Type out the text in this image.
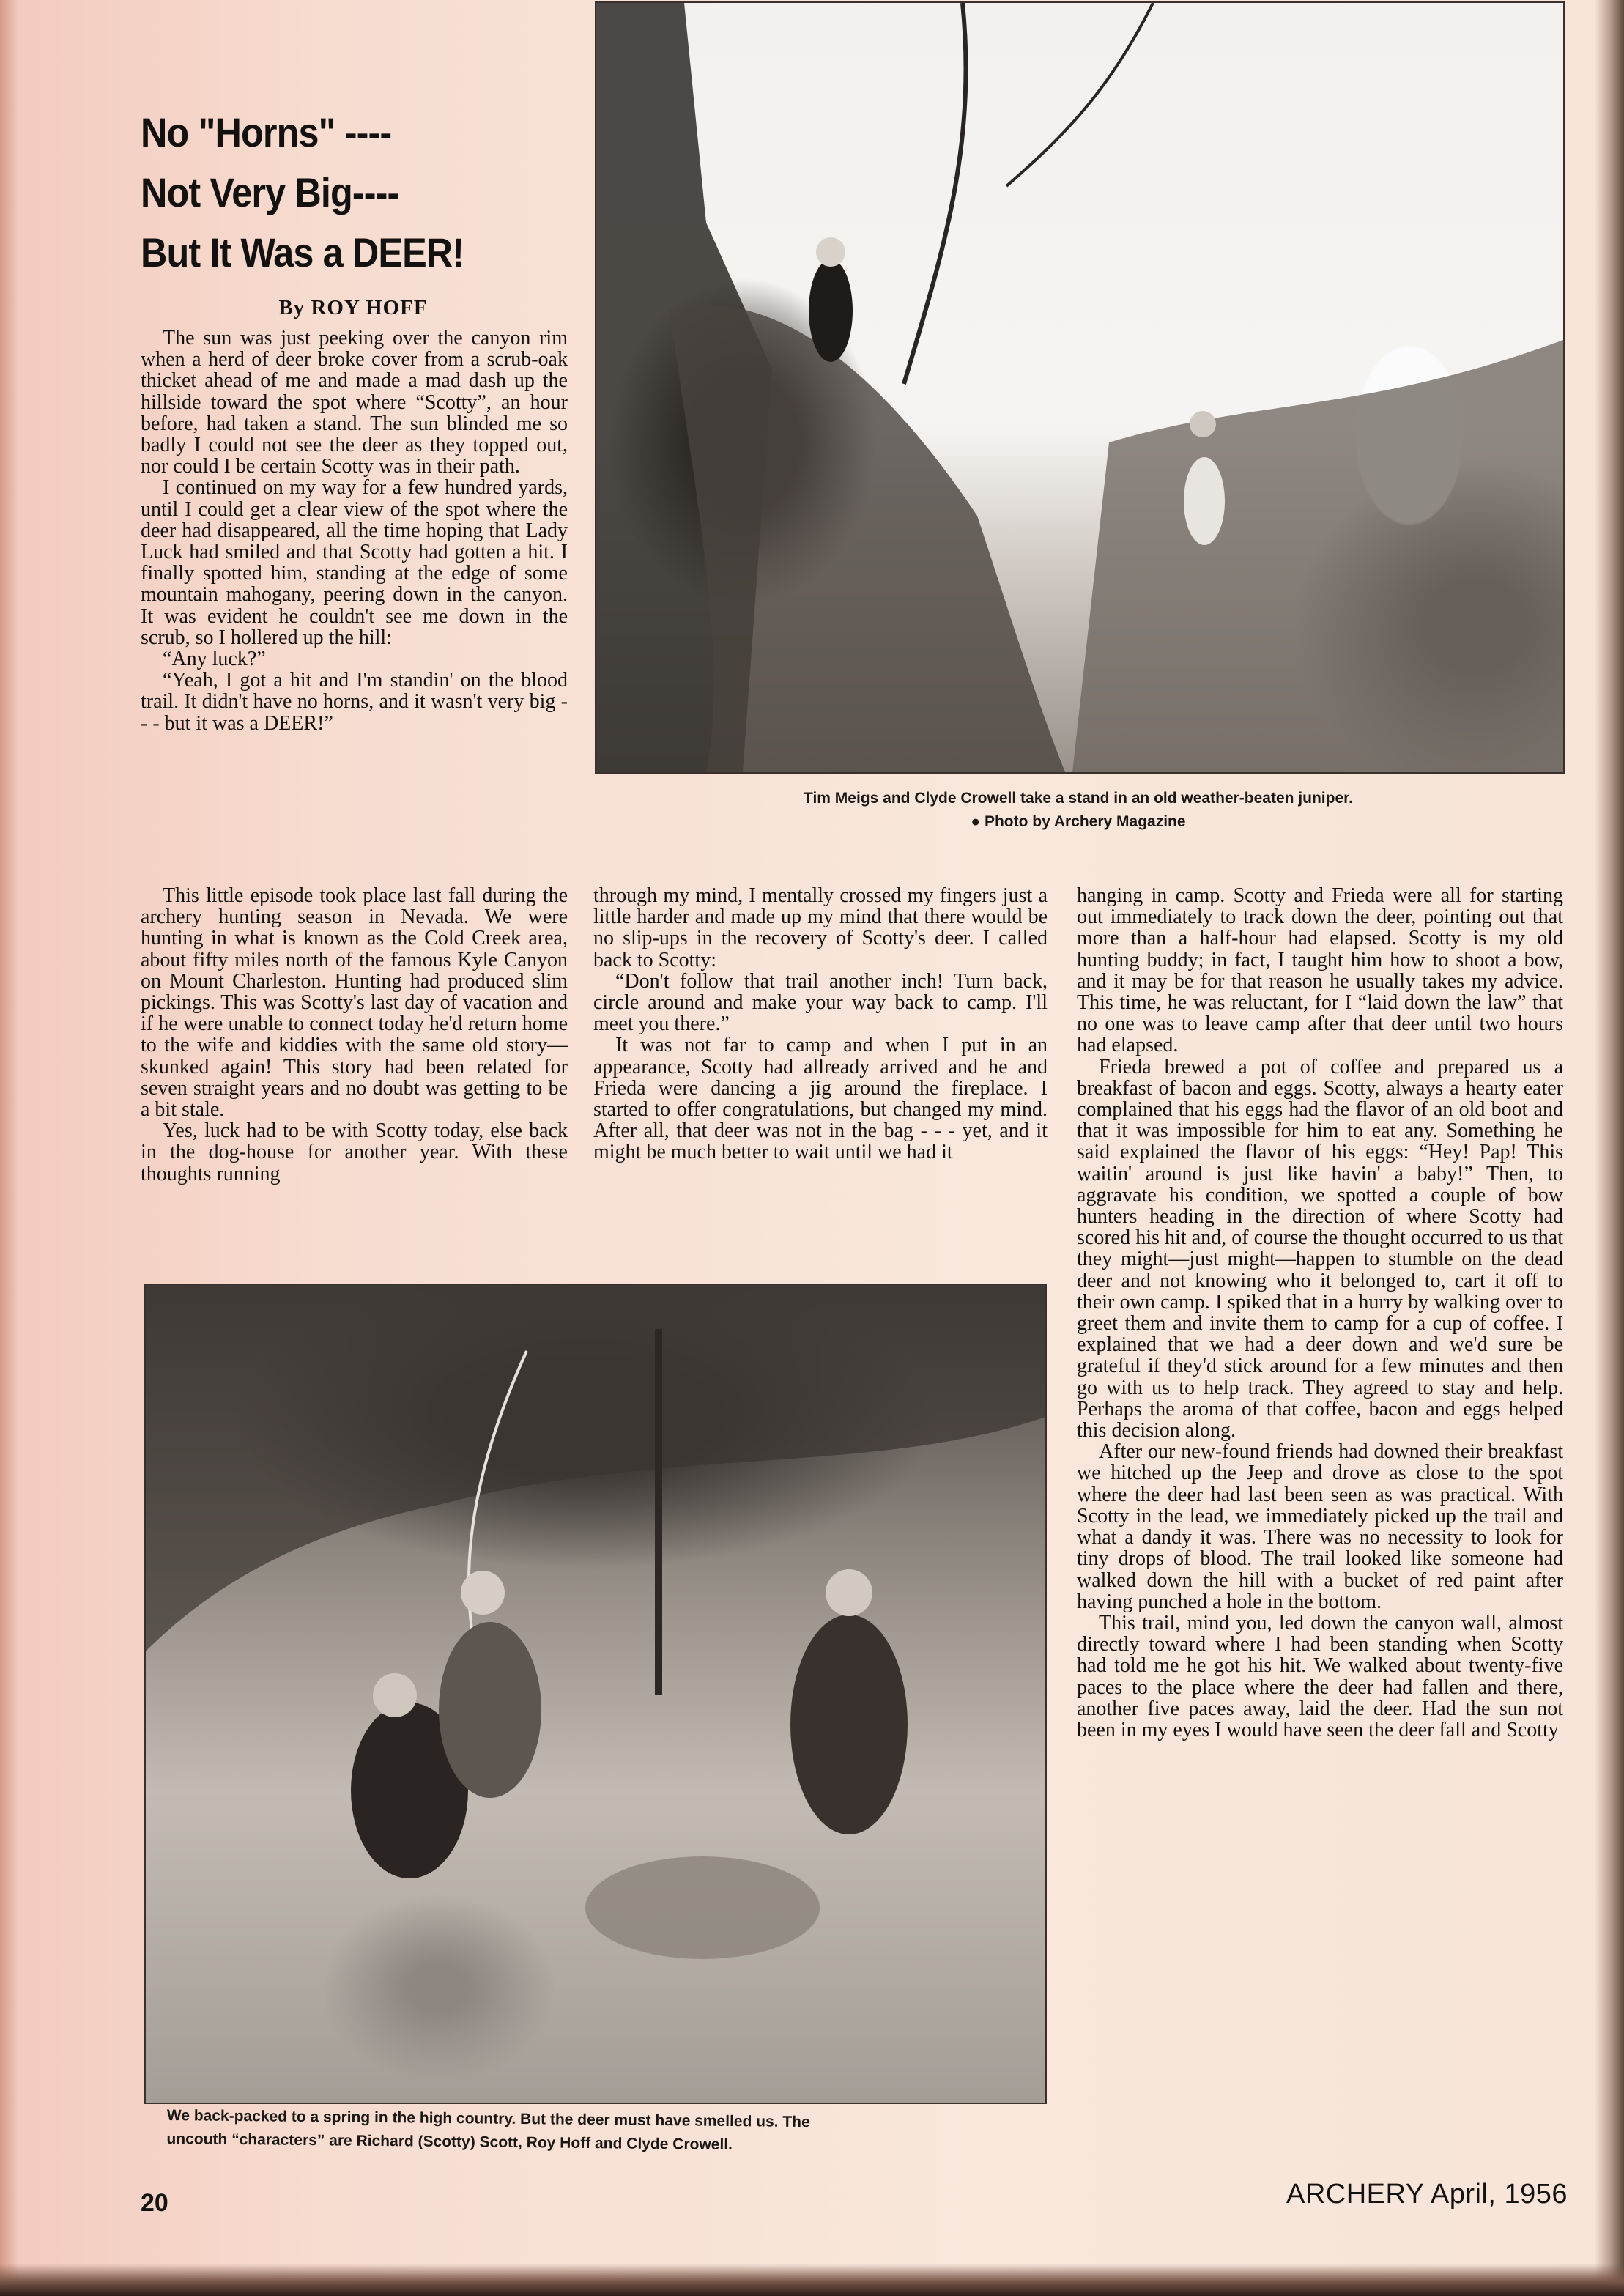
No "Horns" ----
Not Very Big----
But It Was a DEER!
By ROY HOFF

The sun was just peeking over the canyon rim when a herd of deer broke cover from a scrub-oak thicket ahead of me and made a mad dash up the hillside toward the spot where “Scotty”, an hour before, had taken a stand. The sun blinded me so badly I could not see the deer as they topped out, nor could I be certain Scotty was in their path.

I continued on my way for a few hundred yards, until I could get a clear view of the spot where the deer had disappeared, all the time hoping that Lady Luck had smiled and that Scotty had gotten a hit. I finally spotted him, standing at the edge of some mountain mahogany, peering down in the canyon. It was evident he couldn't see me down in the scrub, so I hollered up the hill:

“Any luck?”

“Yeah, I got a hit and I'm standin' on the blood trail. It didn't have no horns, and it wasn't very big - - - but it was a DEER!”

This little episode took place last fall during the archery hunting season in Nevada. We were hunting in what is known as the Cold Creek area, about fifty miles north of the famous Kyle Canyon on Mount Charleston. Hunting had produced slim pickings. This was Scotty's last day of vacation and if he were unable to connect today he'd return home to the wife and kiddies with the same old story—skunked again! This story had been related for seven straight years and no doubt was getting to be a bit stale.

Yes, luck had to be with Scotty today, else back in the dog-house for another year. With these thoughts running

through my mind, I mentally crossed my fingers just a little harder and made up my mind that there would be no slip-ups in the recovery of Scotty's deer. I called back to Scotty:

“Don't follow that trail another inch! Turn back, circle around and make your way back to camp. I'll meet you there.”

It was not far to camp and when I put in an appearance, Scotty had allready arrived and he and Frieda were dancing a jig around the fireplace. I started to offer congratulations, but changed my mind. After all, that deer was not in the bag - - - yet, and it might be much better to wait until we had it

hanging in camp. Scotty and Frieda were all for starting out immediately to track down the deer, pointing out that more than a half-hour had elapsed. Scotty is my old hunting buddy; in fact, I taught him how to shoot a bow, and it may be for that reason he usually takes my advice. This time, he was reluctant, for I “laid down the law” that no one was to leave camp after that deer until two hours had elapsed.

Frieda brewed a pot of coffee and prepared us a breakfast of bacon and eggs. Scotty, always a hearty eater complained that his eggs had the flavor of an old boot and that it was impossible for him to eat any. Something he said explained the flavor of his eggs: “Hey! Pap! This waitin' around is just like havin' a baby!” Then, to aggravate his condition, we spotted a couple of bow hunters heading in the direction of where Scotty had scored his hit and, of course the thought occurred to us that they might—just might—happen to stumble on the dead deer and not knowing who it belonged to, cart it off to their own camp. I spiked that in a hurry by walking over to greet them and invite them to camp for a cup of coffee. I explained that we had a deer down and we'd sure be grateful if they'd stick around for a few minutes and then go with us to help track. They agreed to stay and help. Perhaps the aroma of that coffee, bacon and eggs helped this decision along.

After our new-found friends had downed their breakfast we hitched up the Jeep and drove as close to the spot where the deer had last been seen as was practical. With Scotty in the lead, we immediately picked up the trail and what a dandy it was. There was no necessity to look for tiny drops of blood. The trail looked like someone had walked down the hill with a bucket of red paint after having punched a hole in the bottom.

This trail, mind you, led down the canyon wall, almost directly toward where I had been standing when Scotty had told me he got his hit. We walked about twenty-five paces to the place where the deer had fallen and there, another five paces away, laid the deer. Had the sun not been in my eyes I would have seen the deer fall and Scotty

Tim Meigs and Clyde Crowell take a stand in an old weather-beaten juniper.
● Photo by Archery Magazine

We back-packed to a spring in the high country. But the deer must have smelled us. The
uncouth “characters” are Richard (Scotty) Scott, Roy Hoff and Clyde Crowell.

20	ARCHERY April, 1956
